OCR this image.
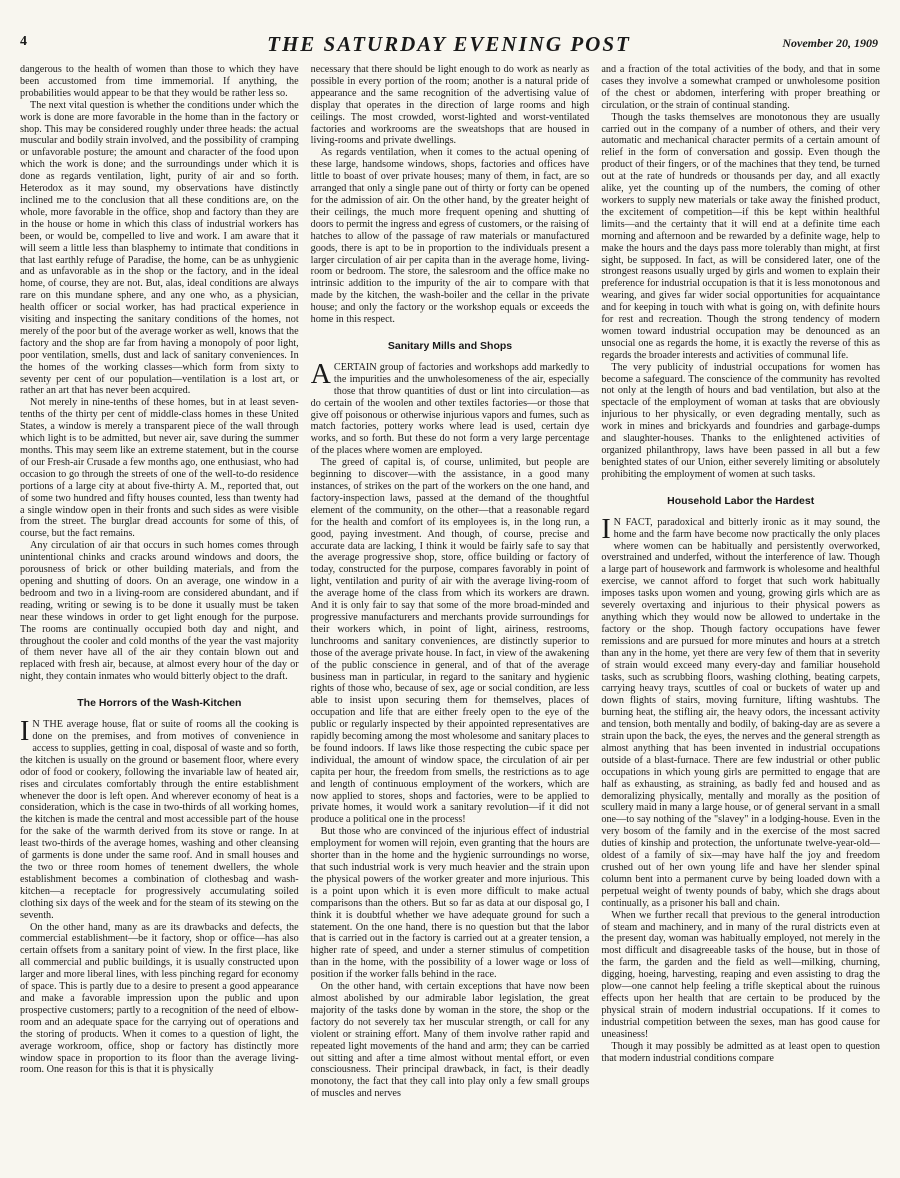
4	THE SATURDAY EVENING POST	November 20, 1909

dangerous to the health of women than those to which they have been accustomed from time immemorial. If anything, the probabilities would appear to be that they would be rather less so.

The next vital question is whether the conditions under which the work is done are more favorable in the home than in the factory or shop. This may be considered roughly under three heads: the actual muscular and bodily strain involved, and the possibility of cramping or unfavorable posture; the amount and character of the food upon which the work is done; and the surroundings under which it is done as regards ventilation, light, purity of air and so forth. Heterodox as it may sound, my observations have distinctly inclined me to the conclusion that all these conditions are, on the whole, more favorable in the office, shop and factory than they are in the house or home in which this class of industrial workers has been, or would be, compelled to live and work. I am aware that it will seem a little less than blasphemy to intimate that conditions in that last earthly refuge of Paradise, the home, can be as unhygienic and as unfavorable as in the shop or the factory, and in the ideal home, of course, they are not. But, alas, ideal conditions are always rare on this mundane sphere, and any one who, as a physician, health officer or social worker, has had practical experience in visiting and inspecting the sanitary conditions of the homes, not merely of the poor but of the average worker as well, knows that the factory and the shop are far from having a monopoly of poor light, poor ventilation, smells, dust and lack of sanitary conveniences. In the homes of the working classes—which form from sixty to seventy per cent of our population—ventilation is a lost art, or rather an art that has never been acquired.

Not merely in nine-tenths of these homes, but in at least seven-tenths of the thirty per cent of middle-class homes in these United States, a window is merely a transparent piece of the wall through which light is to be admitted, but never air, save during the summer months. This may seem like an extreme statement, but in the course of our Fresh-air Crusade a few months ago, one enthusiast, who had occasion to go through the streets of one of the well-to-do residence portions of a large city at about five-thirty A. M., reported that, out of some two hundred and fifty houses counted, less than twenty had a single window open in their fronts and such sides as were visible from the street. The burglar dread accounts for some of this, of course, but the fact remains.

Any circulation of air that occurs in such homes comes through unintentional chinks and cracks around windows and doors, the porousness of brick or other building materials, and from the opening and shutting of doors. On an average, one window in a bedroom and two in a living-room are considered abundant, and if reading, writing or sewing is to be done it usually must be taken near these windows in order to get light enough for the purpose. The rooms are continually occupied both day and night, and throughout the cooler and cold months of the year the vast majority of them never have all of the air they contain blown out and replaced with fresh air, because, at almost every hour of the day or night, they contain inmates who would bitterly object to the draft.

The Horrors of the Wash-Kitchen

I N THE average house, flat or suite of rooms all the cooking is done on the premises, and from motives of convenience in access to supplies, getting in coal, disposal of waste and so forth, the kitchen is usually on the ground or basement floor, where every odor of food or cookery, following the invariable law of heated air, rises and circulates comfortably through the entire establishment whenever the door is left open. And wherever economy of heat is a consideration, which is the case in two-thirds of all working homes, the kitchen is made the central and most accessible part of the house for the sake of the warmth derived from its stove or range. In at least two-thirds of the average homes, washing and other cleansing of garments is done under the same roof. And in small houses and the two or three room homes of tenement dwellers, the whole establishment becomes a combination of clothesbag and wash-kitchen—a receptacle for progressively accumulating soiled clothing six days of the week and for the steam of its stewing on the seventh.

On the other hand, many as are its drawbacks and defects, the commercial establishment—be it factory, shop or office—has also certain offsets from a sanitary point of view. In the first place, like all commercial and public buildings, it is usually constructed upon larger and more liberal lines, with less pinching regard for economy of space. This is partly due to a desire to present a good appearance and make a favorable impression upon the public and upon prospective customers; partly to a recognition of the need of elbow-room and an adequate space for the carrying out of operations and the storing of products. When it comes to a question of light, the average workroom, office, shop or factory has distinctly more window space in proportion to its floor than the average living-room. One reason for this is that it is physically

necessary that there should be light enough to do work as nearly as possible in every portion of the room; another is a natural pride of appearance and the same recognition of the advertising value of display that operates in the direction of large rooms and high ceilings. The most crowded, worst-lighted and worst-ventilated factories and workrooms are the sweatshops that are housed in living-rooms and private dwellings.

As regards ventilation, when it comes to the actual opening of these large, handsome windows, shops, factories and offices have little to boast of over private houses; many of them, in fact, are so arranged that only a single pane out of thirty or forty can be opened for the admission of air. On the other hand, by the greater height of their ceilings, the much more frequent opening and shutting of doors to permit the ingress and egress of customers, or the raising of hatches to allow of the passage of raw materials or manufactured goods, there is apt to be in proportion to the individuals present a larger circulation of air per capita than in the average home, living-room or bedroom. The store, the salesroom and the office make no intrinsic addition to the impurity of the air to compare with that made by the kitchen, the wash-boiler and the cellar in the private house; and only the factory or the workshop equals or exceeds the home in this respect.

Sanitary Mills and Shops

ACERTAIN group of factories and workshops add markedly to the impurities and the unwholesomeness of the air, especially those that throw quantities of dust or lint into circulation—as do certain of the woolen and other textiles factories—or those that give off poisonous or otherwise injurious vapors and fumes, such as match factories, pottery works where lead is used, certain dye works, and so forth. But these do not form a very large percentage of the places where women are employed.

The greed of capital is, of course, unlimited, but people are beginning to discover—with the assistance, in a good many instances, of strikes on the part of the workers on the one hand, and factory-inspection laws, passed at the demand of the thoughtful element of the community, on the other—that a reasonable regard for the health and comfort of its employees is, in the long run, a good, paying investment. And though, of course, precise and accurate data are lacking, I think it would be fairly safe to say that the average progressive shop, store, office building or factory of today, constructed for the purpose, compares favorably in point of light, ventilation and purity of air with the average living-room of the average home of the class from which its workers are drawn. And it is only fair to say that some of the more broad-minded and progressive manufacturers and merchants provide surroundings for their workers which, in point of light, airiness, restrooms, lunchrooms and sanitary conveniences, are distinctly superior to those of the average private house. In fact, in view of the awakening of the public conscience in general, and of that of the average business man in particular, in regard to the sanitary and hygienic rights of those who, because of sex, age or social condition, are less able to insist upon securing them for themselves, places of occupation and life that are either freely open to the eye of the public or regularly inspected by their appointed representatives are rapidly becoming among the most wholesome and sanitary places to be found indoors. If laws like those respecting the cubic space per individual, the amount of window space, the circulation of air per capita per hour, the freedom from smells, the restrictions as to age and length of continuous employment of the workers, which are now applied to stores, shops and factories, were to be applied to private homes, it would work a sanitary revolution—if it did not produce a political one in the process!

But those who are convinced of the injurious effect of industrial employment for women will rejoin, even granting that the hours are shorter than in the home and the hygienic surroundings no worse, that such industrial work is very much heavier and the strain upon the physical powers of the worker greater and more injurious. This is a point upon which it is even more difficult to make actual comparisons than the others. But so far as data at our disposal go, I think it is doubtful whether we have adequate ground for such a statement. On the one hand, there is no question but that the labor that is carried out in the factory is carried out at a greater tension, a higher rate of speed, and under a sterner stimulus of competition than in the home, with the possibility of a lower wage or loss of position if the worker falls behind in the race.

On the other hand, with certain exceptions that have now been almost abolished by our admirable labor legislation, the great majority of the tasks done by woman in the store, the shop or the factory do not severely tax her muscular strength, or call for any violent or straining effort. Many of them involve rather rapid and repeated light movements of the hand and arm; they can be carried out sitting and after a time almost without mental effort, or even consciousness. Their principal drawback, in fact, is their deadly monotony, the fact that they call into play only a few small groups of muscles and nerves

and a fraction of the total activities of the body, and that in some cases they involve a somewhat cramped or unwholesome position of the chest or abdomen, interfering with proper breathing or circulation, or the strain of continual standing.

Though the tasks themselves are monotonous they are usually carried out in the company of a number of others, and their very automatic and mechanical character permits of a certain amount of relief in the form of conversation and gossip. Even though the product of their fingers, or of the machines that they tend, be turned out at the rate of hundreds or thousands per day, and all exactly alike, yet the counting up of the numbers, the coming of other workers to supply new materials or take away the finished product, the excitement of competition—if this be kept within healthful limits—and the certainty that it will end at a definite time each morning and afternoon and be rewarded by a definite wage, help to make the hours and the days pass more tolerably than might, at first sight, be supposed. In fact, as will be considered later, one of the strongest reasons usually urged by girls and women to explain their preference for industrial occupation is that it is less monotonous and wearing, and gives far wider social opportunities for acquaintance and for keeping in touch with what is going on, with definite hours for rest and recreation. Though the strong tendency of modern women toward industrial occupation may be denounced as an unsocial one as regards the home, it is exactly the reverse of this as regards the broader interests and activities of communal life.

The very publicity of industrial occupations for women has become a safeguard. The conscience of the community has revolted not only at the length of hours and bad ventilation, but also at the spectacle of the employment of woman at tasks that are obviously injurious to her physically, or even degrading mentally, such as work in mines and brickyards and foundries and garbage-dumps and slaughter-houses. Thanks to the enlightened activities of organized philanthropy, laws have been passed in all but a few benighted states of our Union, either severely limiting or absolutely prohibiting the employment of women at such tasks.

Household Labor the Hardest

I N FACT, paradoxical and bitterly ironic as it may sound, the home and the farm have become now practically the only places where women can be habitually and persistently overworked, overstrained and underfed, without the interference of law. Though a large part of housework and farmwork is wholesome and healthful exercise, we cannot afford to forget that such work habitually imposes tasks upon women and young, growing girls which are as severely overtaxing and injurious to their physical powers as anything which they would now be allowed to undertake in the factory or the shop. Though factory occupations have fewer remissions and are pursued for more minutes and hours at a stretch than any in the home, yet there are very few of them that in severity of strain would exceed many every-day and familiar household tasks, such as scrubbing floors, washing clothing, beating carpets, carrying heavy trays, scuttles of coal or buckets of water up and down flights of stairs, moving furniture, lifting washtubs. The burning heat, the stifling air, the heavy odors, the incessant activity and tension, both mentally and bodily, of baking-day are as severe a strain upon the back, the eyes, the nerves and the general strength as almost anything that has been invented in industrial occupations outside of a blast-furnace. There are few industrial or other public occupations in which young girls are permitted to engage that are half as exhausting, as straining, as badly fed and housed and as demoralizing physically, mentally and morally as the position of scullery maid in many a large house, or of general servant in a small one—to say nothing of the "slavey" in a lodging-house. Even in the very bosom of the family and in the exercise of the most sacred duties of kinship and protection, the unfortunate twelve-year-old—oldest of a family of six—may have half the joy and freedom crushed out of her own young life and have her slender spinal column bent into a permanent curve by being loaded down with a perpetual weight of twenty pounds of baby, which she drags about continually, as a prisoner his ball and chain.

When we further recall that previous to the general introduction of steam and machinery, and in many of the rural districts even at the present day, woman was habitually employed, not merely in the most difficult and disagreeable tasks of the house, but in those of the farm, the garden and the field as well—milking, churning, digging, hoeing, harvesting, reaping and even assisting to drag the plow—one cannot help feeling a trifle skeptical about the ruinous effects upon her health that are certain to be produced by the physical strain of modern industrial occupations. If it comes to industrial competition between the sexes, man has good cause for uneasiness!

Though it may possibly be admitted as at least open to question that modern industrial conditions compare
